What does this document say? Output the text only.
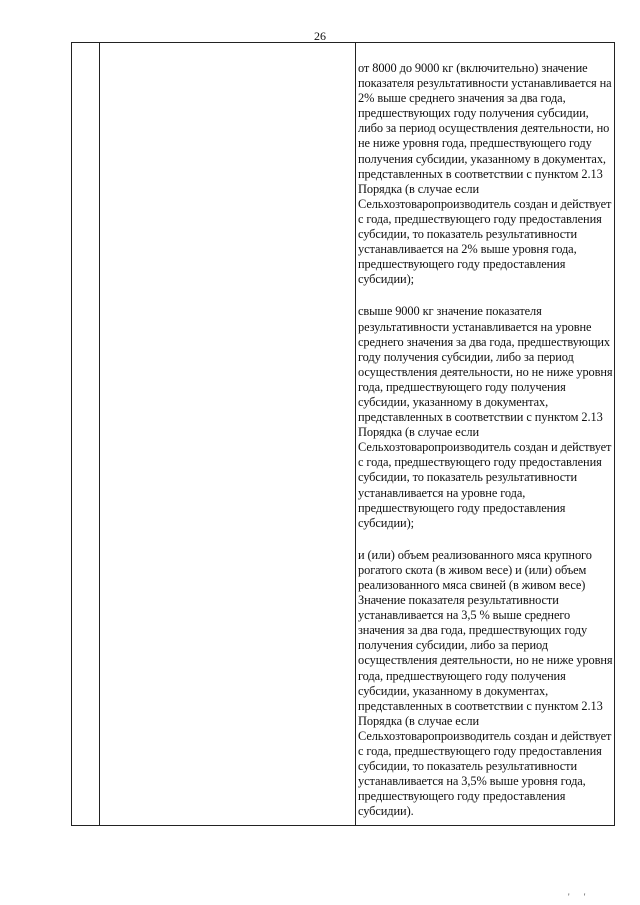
26

от 8000 до 9000 кг (включительно) значение показателя результативности устанавливается на 2% выше среднего значения за два года, предшествующих году получения субсидии, либо за период осуществления деятельности, но не ниже уровня года, предшествующего году получения субсидии, указанному в документах, представленных в соответствии с пунктом 2.13 Порядка (в случае если Сельхозтоваропроизводитель создан и действует с года, предшествующего году предоставления субсидии, то показатель результативности устанавливается на 2% выше уровня года, предшествующего году предоставления субсидии);

свыше 9000 кг значение показателя результативности устанавливается на уровне среднего значения за два года, предшествующих году получения субсидии, либо за период осуществления деятельности, но не ниже уровня года, предшествующего году получения субсидии, указанному в документах, представленных в соответствии с пунктом 2.13 Порядка (в случае если Сельхозтоваропроизводитель создан и действует с года, предшествующего году предоставления субсидии, то показатель результативности устанавливается на уровне года, предшествующего году предоставления субсидии);

и (или) объем реализованного мяса крупного рогатого скота (в живом весе) и (или) объем реализованного мяса свиней (в живом весе) Значение показателя результативности устанавливается на 3,5 % выше среднего значения за два года, предшествующих году получения субсидии, либо за период осуществления деятельности, но не ниже уровня года, предшествующего году получения субсидии, указанному в документах, представленных в соответствии с пунктом 2.13 Порядка (в случае если Сельхозтоваропроизводитель создан и действует с года, предшествующего году предоставления субсидии, то показатель результативности устанавливается на 3,5% выше уровня года, предшествующего году предоставления субсидии).

' '
